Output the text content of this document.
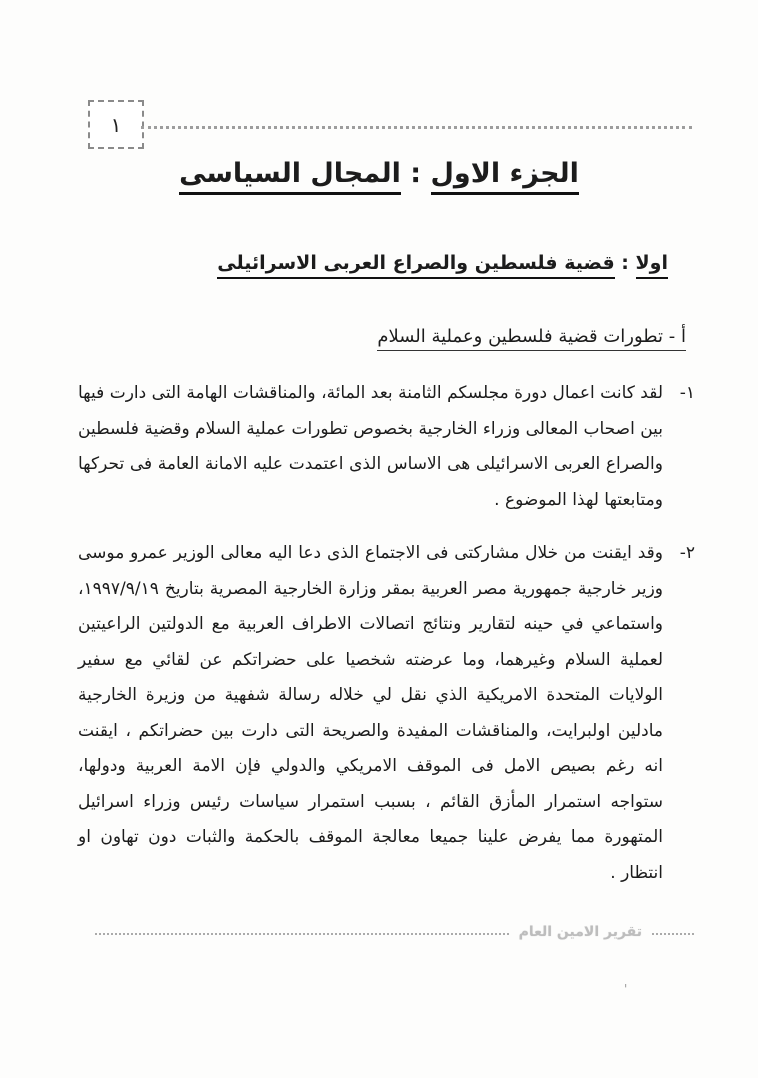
١
الجزء الاول : المجال السياسى
اولا : قضية فلسطين والصراع العربى الاسرائيلى
أ - تطورات قضية فلسطين وعملية السلام
١-
لقد كانت اعمال دورة مجلسكم الثامنة بعد المائة، والمناقشات الهامة التى دارت فيها بين اصحاب المعالى وزراء الخارجية بخصوص تطورات عملية السلام وقضية فلسطين والصراع العربى الاسرائيلى هى الاساس الذى اعتمدت عليه الامانة العامة فى تحركها ومتابعتها لهذا الموضوع .
٢-
وقد ايقنت من خلال مشاركتى فى الاجتماع الذى دعا اليه معالى الوزير عمرو موسى وزير خارجية جمهورية مصر العربية بمقر وزارة الخارجية المصرية بتاريخ ١٩٩٧/٩/١٩، واستماعي في حينه لتقارير ونتائج اتصالات الاطراف العربية مع الدولتين الراعيتين لعملية السلام وغيرهما، وما عرضته شخصيا على حضراتكم عن لقائي مع سفير الولايات المتحدة الامريكية الذي نقل لي خلاله رسالة شفهية من وزيرة الخارجية مادلين اولبرايت، والمناقشات المفيدة والصريحة التى دارت بين حضراتكم ، ايقنت انه رغم بصيص الامل فى الموقف الامريكي والدولي فإن الامة العربية ودولها، ستواجه استمرار المأزق القائم ، بسبب استمرار سياسات رئيس وزراء اسرائيل المتهورة مما يفرض علينا جميعا معالجة الموقف بالحكمة والثبات دون تهاون او انتظار .
تقرير الامين العام
'
